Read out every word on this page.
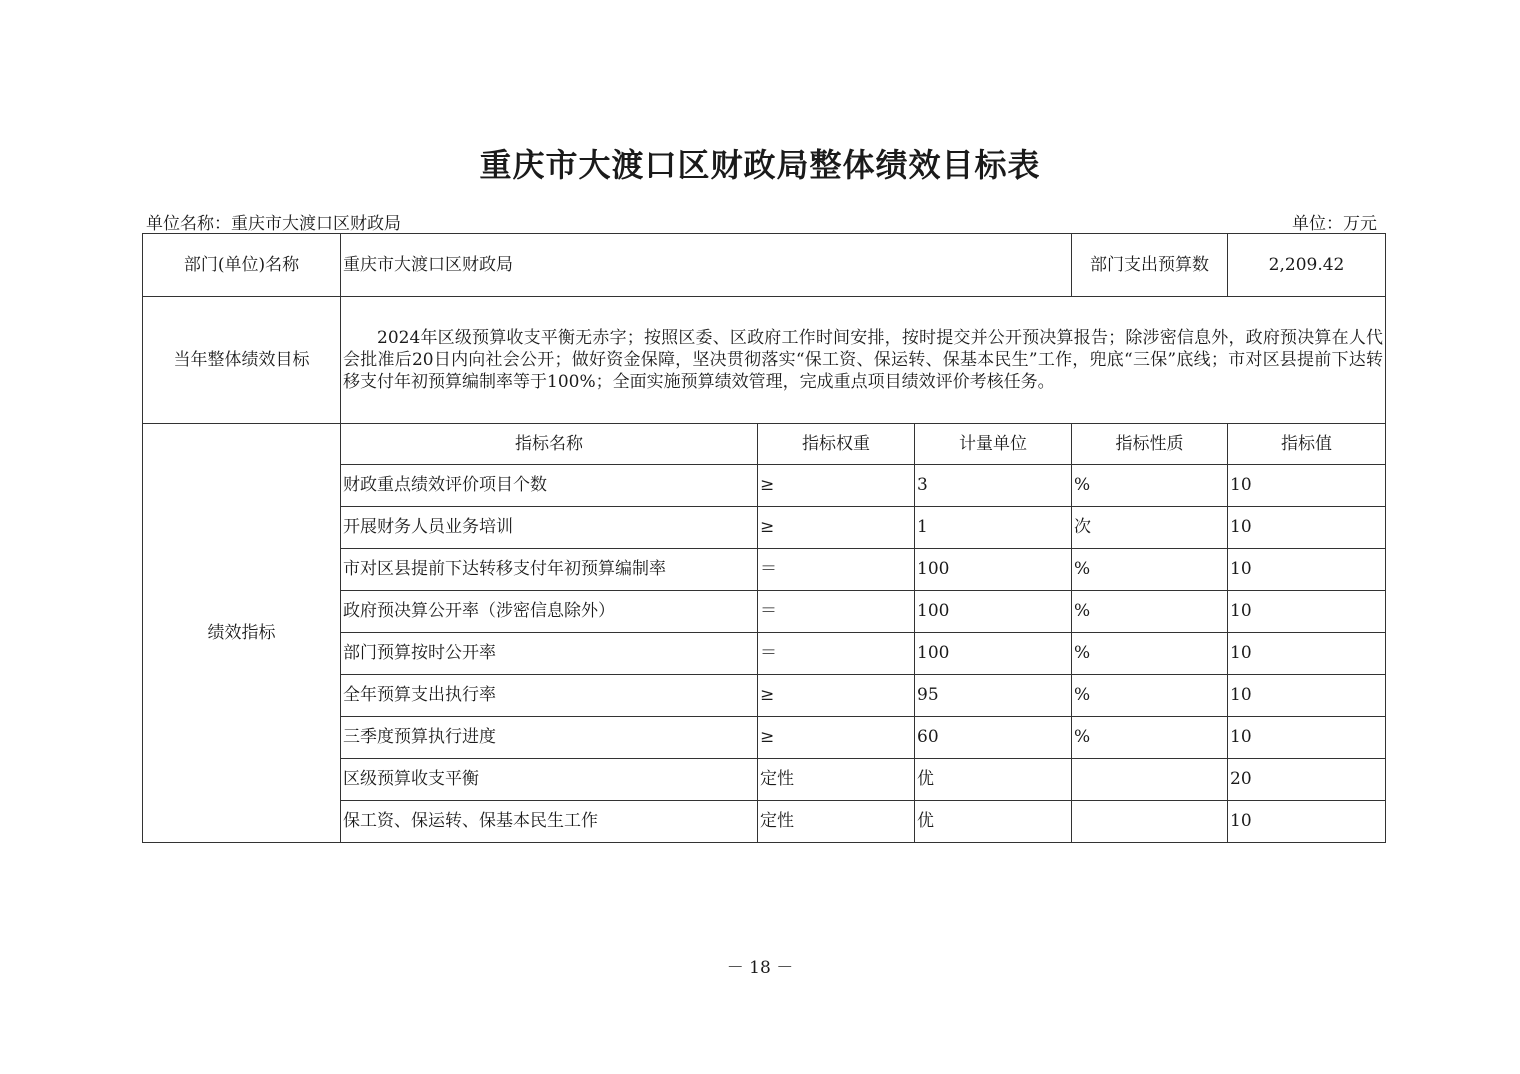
重庆市大渡口区财政局整体绩效目标表
单位名称：重庆市大渡口区财政局	单位：万元
部门(单位)名称	重庆市大渡口区财政局			部门支出预算数	2,209.42
当年整体绩效目标	2024年区级预算收支平衡无赤字；按照区委、区政府工作时间安排，按时提交并公开预决算报告；除涉密信息外，政府预决算在人代会批准后20日内向社会公开；做好资金保障，坚决贯彻落实“保工资、保运转、保基本民生”工作，兜底“三保”底线；市对区县提前下达转移支付年初预算编制率等于100%；全面实施预算绩效管理，完成重点项目绩效评价考核任务。				
绩效指标	指标名称	指标权重	计量单位	指标性质	指标值
	财政重点绩效评价项目个数	≥	3	%	10
	开展财务人员业务培训	≥	1	次	10
	市对区县提前下达转移支付年初预算编制率	＝	100	%	10
	政府预决算公开率（涉密信息除外）	＝	100	%	10
	部门预算按时公开率	＝	100	%	10
	全年预算支出执行率	≥	95	%	10
	三季度预算执行进度	≥	60	%	10
	区级预算收支平衡	定性	优		20
	保工资、保运转、保基本民生工作	定性	优		10
－ 18 －
